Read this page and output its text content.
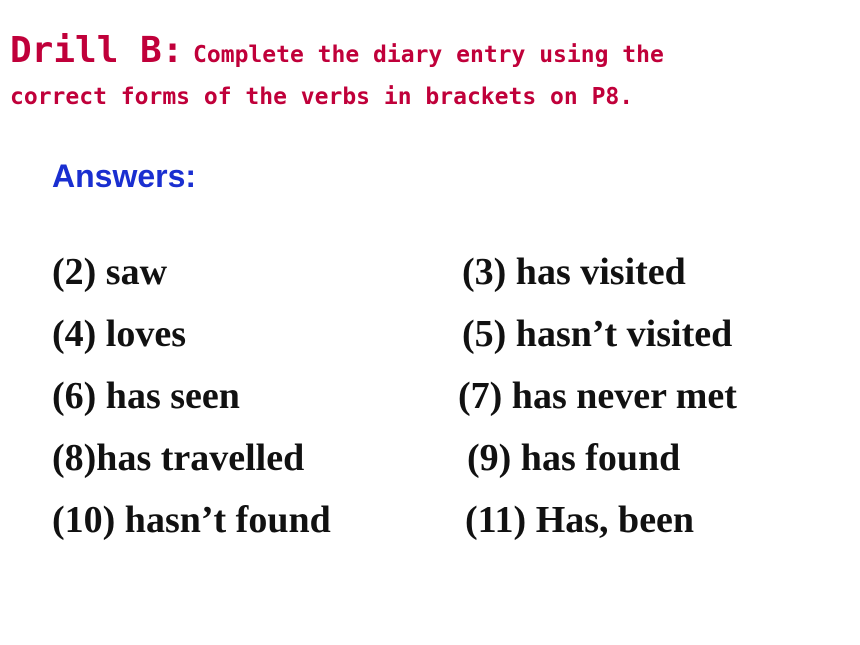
Drill B: Complete the diary entry using the
correct forms of the verbs in brackets on P8.
Answers:
(2) saw	(3) has visited
(4) loves	(5) hasn’t visited
(6) has seen	(7) has never met
(8)has travelled	(9) has found
(10) hasn’t found	(11) Has, been
